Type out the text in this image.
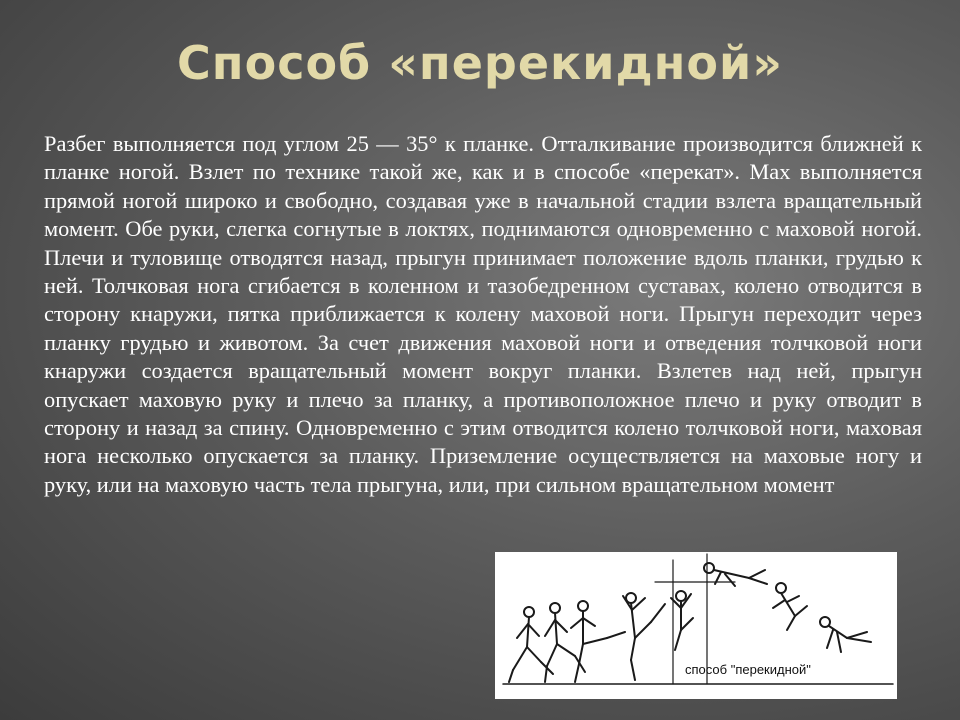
Способ «перекидной»

Разбег выполняется под углом 25 — 35° к планке. Отталкивание производится ближней к планке ногой. Взлет по технике такой же, как и в способе «перекат». Мах выполняется прямой ногой широко и свободно, создавая уже в начальной стадии взлета вращательный момент. Обе руки, слегка согнутые в локтях, поднимаются одновременно с маховой ногой. Плечи и туловище отводятся назад, прыгун принимает положение вдоль планки, грудью к ней. Толчковая нога сгибается в коленном и тазобедренном суставах, колено отводится в сторону кнаружи, пятка приближается к колену маховой ноги. Прыгун переходит через планку грудью и животом. За счет движения маховой ноги и отведения толчковой ноги кнаружи создается вращательный момент вокруг планки. Взлетев над ней, прыгун опускает маховую руку и плечо за планку, а противоположное плечо и руку отводит в сторону и назад за спину. Одновременно с этим отводится колено толчковой ноги, маховая нога несколько опускается за планку. Приземление осуществляется на маховые ногу и руку, или на маховую часть тела прыгуна, или, при сильном вращательном момент

способ "перекидной"
